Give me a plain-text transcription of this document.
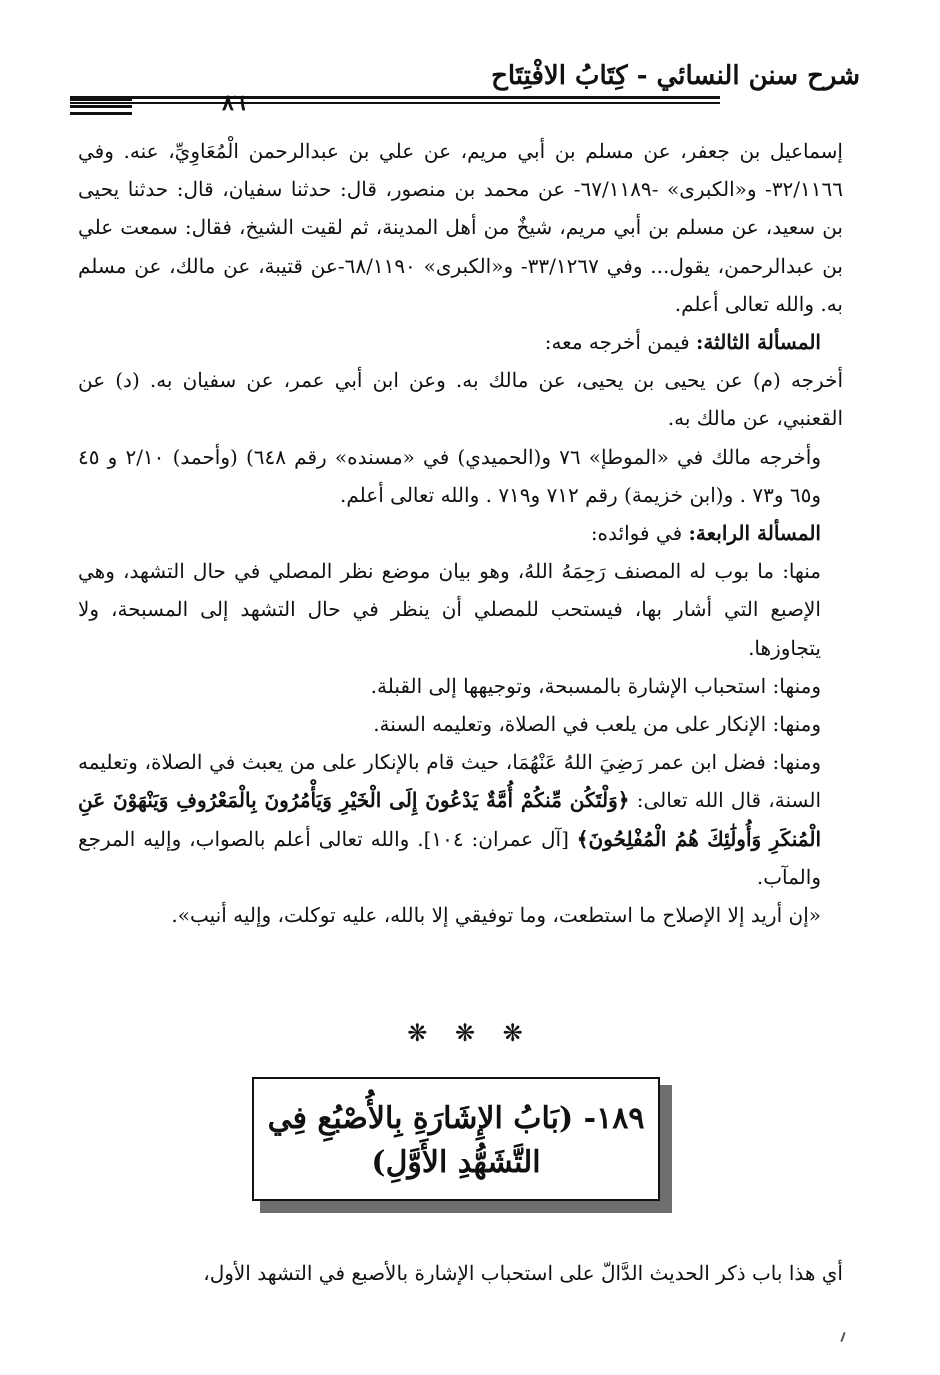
شرح سنن النسائي - كِتَابُ الافْتِتَاح
٨٦

إسماعيل بن جعفر، عن مسلم بن أبي مريم، عن علي بن عبدالرحمن الْمُعَاوِيِّ، عنه. وفي ٣٢/١١٦٦- و«الكبرى» -٦٧/١١٨٩- عن محمد بن منصور، قال: حدثنا سفيان، قال: حدثنا يحيى بن سعيد، عن مسلم بن أبي مريم، شيخٌ من أهل المدينة، ثم لقيت الشيخ، فقال: سمعت علي بن عبدالرحمن، يقول... وفي ٣٣/١٢٦٧- و«الكبرى» ٦٨/١١٩٠-عن قتيبة، عن مالك، عن مسلم به. والله تعالى أعلم.

المسألة الثالثة: فيمن أخرجه معه:

أخرجه (م) عن يحيى بن يحيى، عن مالك به. وعن ابن أبي عمر، عن سفيان به. (د) عن القعنبي، عن مالك به.

وأخرجه مالك في «الموطإ» ٧٦ و(الحميدي) في «مسنده» رقم ٦٤٨) (وأحمد) ٢/١٠ و ٤٥ و٦٥ و٧٣ . و(ابن خزيمة) رقم ٧١٢ و٧١٩ . والله تعالى أعلم.

المسألة الرابعة: في فوائده:

منها: ما بوب له المصنف رَحِمَهُ اللهُ، وهو بيان موضع نظر المصلي في حال التشهد، وهي الإصبع التي أشار بها، فيستحب للمصلي أن ينظر في حال التشهد إلى المسبحة، ولا يتجاوزها.

ومنها: استحباب الإشارة بالمسبحة، وتوجيهها إلى القبلة.

ومنها: الإنكار على من يلعب في الصلاة، وتعليمه السنة.

ومنها: فضل ابن عمر رَضِيَ اللهُ عَنْهُمَا، حيث قام بالإنكار على من يعبث في الصلاة، وتعليمه السنة، قال الله تعالى: ﴿وَلْتَكُن مِّنكُمْ أُمَّةٌ يَدْعُونَ إِلَى الْخَيْرِ وَيَأْمُرُونَ بِالْمَعْرُوفِ وَيَنْهَوْنَ عَنِ الْمُنكَرِ وَأُولَٰئِكَ هُمُ الْمُفْلِحُونَ﴾ [آل عمران: ١٠٤]. والله تعالى أعلم بالصواب، وإليه المرجع والمآب.

«إن أريد إلا الإصلاح ما استطعت، وما توفيقي إلا بالله، عليه توكلت، وإليه أنيب».

❋ ❋ ❋
١٨٩- (بَابُ الإِشَارَةِ بِالأُصْبُعِ فِي التَّشَهُّدِ الأَوَّلِ)
أي هذا باب ذكر الحديث الدَّالّ على استحباب الإشارة بالأصبع في التشهد الأول،
